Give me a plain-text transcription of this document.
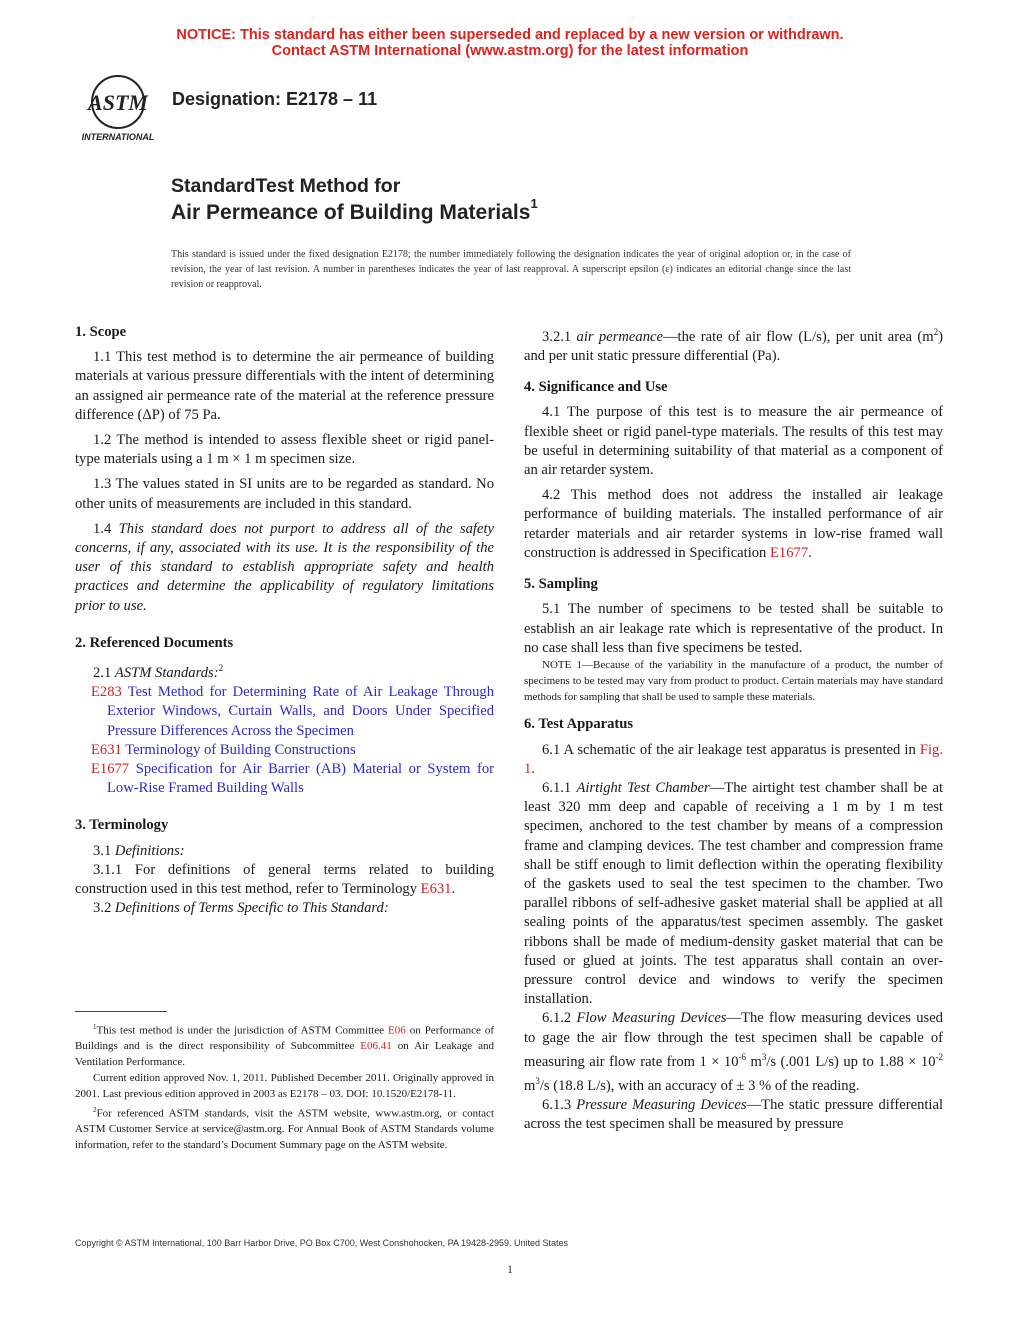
NOTICE: This standard has either been superseded and replaced by a new version or withdrawn.
Contact ASTM International (www.astm.org) for the latest information
ASTM
INTERNATIONAL
Designation: E2178 – 11
StandardTest Method for
Air Permeance of Building Materials$^1$
This standard is issued under the fixed designation E2178; the number immediately following the designation indicates the year of original adoption or, in the case of revision, the year of last revision. A number in parentheses indicates the year of last reapproval. A superscript epsilon (ε) indicates an editorial change since the last revision or reapproval.

1. Scope

1.1 This test method is to determine the air permeance of building materials at various pressure differentials with the intent of determining an assigned air permeance rate of the material at the reference pressure difference (ΔP) of 75 Pa.

1.2 The method is intended to assess flexible sheet or rigid panel-type materials using a 1 m × 1 m specimen size.

1.3 The values stated in SI units are to be regarded as standard. No other units of measurements are included in this standard.

1.4 This standard does not purport to address all of the safety concerns, if any, associated with its use. It is the responsibility of the user of this standard to establish appropriate safety and health practices and determine the applicability of regulatory limitations prior to use.

2. Referenced Documents

2.1 ASTM Standards:$^2$

E283 Test Method for Determining Rate of Air Leakage Through Exterior Windows, Curtain Walls, and Doors Under Specified Pressure Differences Across the Specimen

E631 Terminology of Building Constructions

E1677 Specification for Air Barrier (AB) Material or System for Low-Rise Framed Building Walls

3. Terminology

3.1 Definitions:

3.1.1 For definitions of general terms related to building construction used in this test method, refer to Terminology E631.

3.2 Definitions of Terms Specific to This Standard:

$^1$This test method is under the jurisdiction of ASTM Committee E06 on Performance of Buildings and is the direct responsibility of Subcommittee E06.41 on Air Leakage and Ventilation Performance.

Current edition approved Nov. 1, 2011. Published December 2011. Originally approved in 2001. Last previous edition approved in 2003 as E2178 – 03. DOI: 10.1520/E2178-11.

$^2$For referenced ASTM standards, visit the ASTM website, www.astm.org, or contact ASTM Customer Service at service@astm.org. For Annual Book of ASTM Standards volume information, refer to the standard’s Document Summary page on the ASTM website.

3.2.1 air permeance—the rate of air flow (L/s), per unit area $(m^2)$ and per unit static pressure differential (Pa).

4. Significance and Use

4.1 The purpose of this test is to measure the air permeance of flexible sheet or rigid panel-type materials. The results of this test may be useful in determining suitability of that material as a component of an air retarder system.

4.2 This method does not address the installed air leakage performance of building materials. The installed performance of air retarder materials and air retarder systems in low-rise framed wall construction is addressed in Specification E1677.

5. Sampling

5.1 The number of specimens to be tested shall be suitable to establish an air leakage rate which is representative of the product. In no case shall less than five specimens be tested.

NOTE 1—Because of the variability in the manufacture of a product, the number of specimens to be tested may vary from product to product. Certain materials may have standard methods for sampling that shall be used to sample these materials.

6. Test Apparatus

6.1 A schematic of the air leakage test apparatus is presented in Fig. 1.

6.1.1 Airtight Test Chamber—The airtight test chamber shall be at least 320 mm deep and capable of receiving a 1 m by 1 m test specimen, anchored to the test chamber by means of a compression frame and clamping devices. The test chamber and compression frame shall be stiff enough to limit deflection within the operating flexibility of the gaskets used to seal the test specimen to the chamber. Two parallel ribbons of self-adhesive gasket material shall be applied at all sealing points of the apparatus/test specimen assembly. The gasket ribbons shall be made of medium-density gasket material that can be fused or glued at joints. The test apparatus shall contain an over-pressure control device and windows to verify the specimen installation.

6.1.2 Flow Measuring Devices—The flow measuring devices used to gage the air flow through the test specimen shall be capable of measuring air flow rate from $1 \times 10^{-6}$ $m^3/s$ (.001 L/s) up to $1.88 \times 10^{-2}$ $m^3/s$ (18.8 L/s), with an accuracy of ± 3 % of the reading.

6.1.3 Pressure Measuring Devices—The static pressure differential across the test specimen shall be measured by pressure

Copyright © ASTM International, 100 Barr Harbor Drive, PO Box C700, West Conshohocken, PA 19428-2959. United States
1
